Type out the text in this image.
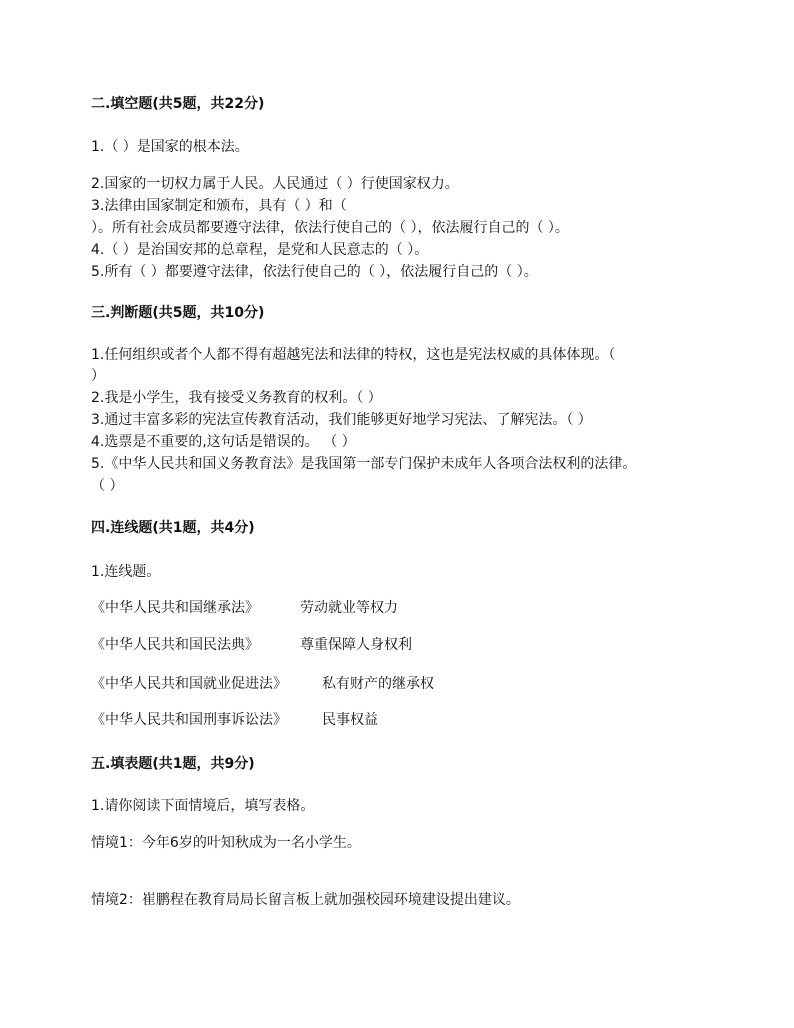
二.填空题(共5题，共22分)
1.（ ）是国家的根本法。
2.国家的一切权力属于人民。人民通过（ ）行使国家权力。
3.法律由国家制定和颁布，具有（ ）和（
）。所有社会成员都要遵守法律，依法行使自己的（ ），依法履行自己的（ ）。
4.（ ）是治国安邦的总章程，是党和人民意志的（ ）。
5.所有（ ）都要遵守法律，依法行使自己的（ ），依法履行自己的（ ）。
三.判断题(共5题，共10分)
1.任何组织或者个人都不得有超越宪法和法律的特权，这也是宪法权威的具体体现。（
）
2.我是小学生，我有接受义务教育的权利。（ ）
3.通过丰富多彩的宪法宣传教育活动，我们能够更好地学习宪法、了解宪法。（ ）
4.选票是不重要的,这句话是错误的。 （ ）
5.《中华人民共和国义务教育法》是我国第一部专门保护未成年人各项合法权利的法律。
（ ）
四.连线题(共1题，共4分)
1.连线题。
《中华人民共和国继承法》	劳动就业等权力
《中华人民共和国民法典》	尊重保障人身权利
《中华人民共和国就业促进法》	私有财产的继承权
《中华人民共和国刑事诉讼法》	民事权益
五.填表题(共1题，共9分)
1.请你阅读下面情境后，填写表格。
情境1：今年6岁的叶知秋成为一名小学生。
情境2：崔鹏程在教育局局长留言板上就加强校园环境建设提出建议。
